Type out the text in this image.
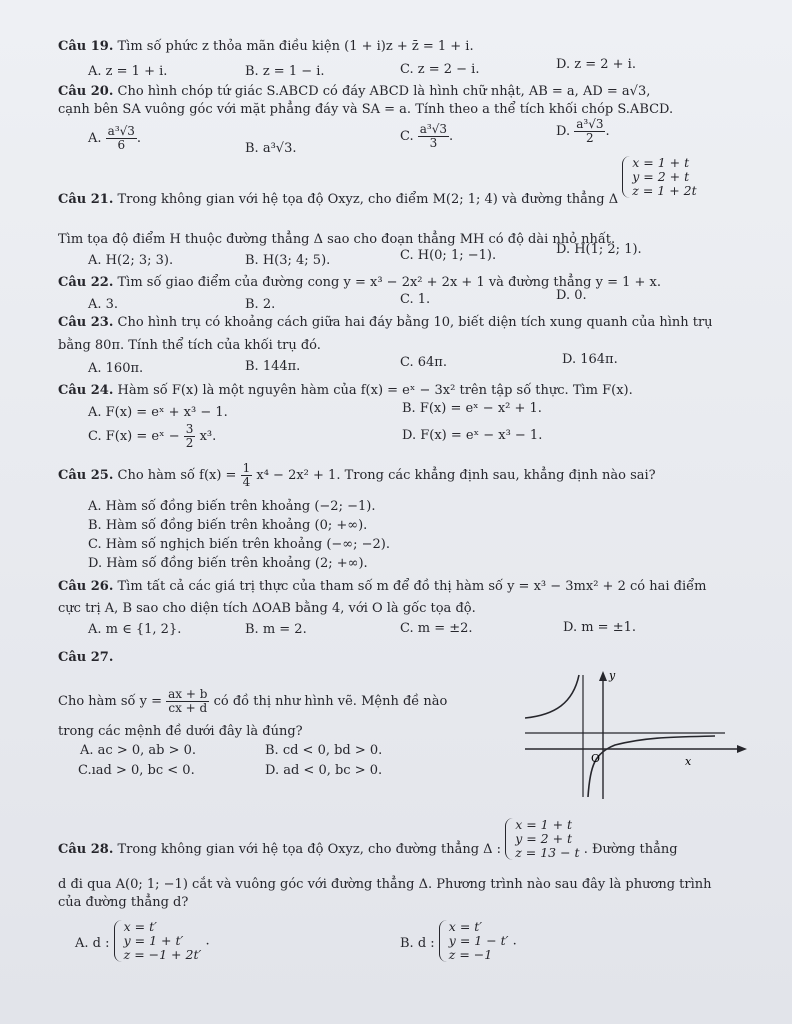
Câu 19. Tìm số phức z thỏa mãn điều kiện (1 + i)z + z̄ = 1 + i.
A. z = 1 + i.	B. z = 1 − i.	C. z = 2 − i.	D. z = 2 + i.
Câu 20. Cho hình chóp tứ giác S.ABCD có đáy ABCD là hình chữ nhật, AB = a, AD = a√3,
cạnh bên SA vuông góc với mặt phẳng đáy và SA = a. Tính theo a thể tích khối chóp S.ABCD.
A. $\frac{\text{a³√3}}{6}$ .
B. a³√3.
C. $\frac{\text{a³√3}}{3}$ .	D. $\frac{\text{a³√3}}{2}$ .
Câu 21. Trong không gian với hệ tọa độ Oxyz, cho điểm M(2; 1; 4) và đường thẳng Δ
x = 1 + t
y = 2 + t
z = 1 + 2t
Tìm tọa độ điểm H thuộc đường thẳng Δ sao cho đoạn thẳng MH có độ dài nhỏ nhất.
A. H(2; 3; 3).	B. H(3; 4; 5).	C. H(0; 1; −1).	D. H(1; 2; 1).
Câu 22. Tìm số giao điểm của đường cong y = x³ − 2x² + 2x + 1 và đường thẳng y = 1 + x.
A. 3.	B. 2.	C. 1.	D. 0.
Câu 23. Cho hình trụ có khoảng cách giữa hai đáy bằng 10, biết diện tích xung quanh của hình trụ
bằng 80π. Tính thể tích của khối trụ đó.
A. 160π.	B. 144π.	C. 64π.	D. 164π.
Câu 24. Hàm số F(x) là một nguyên hàm của f(x) = eˣ − 3x² trên tập số thực. Tìm F(x).
A. F(x) = eˣ + x³ − 1.	B. F(x) = eˣ − x² + 1.
C. F(x) = eˣ − $\frac{3}{2} x^3$.	D. F(x) = eˣ − x³ − 1.
Câu 25. Cho hàm số $f(x) = \frac{1}{4} x^4 - 2x^2 + 1$. Trong các khẳng định sau, khẳng định nào sai?
A. Hàm số đồng biến trên khoảng (−2; −1).
B. Hàm số đồng biến trên khoảng (0; +∞).
C. Hàm số nghịch biến trên khoảng (−∞; −2).
D. Hàm số đồng biến trên khoảng (2; +∞).
Câu 26. Tìm tất cả các giá trị thực của tham số m để đồ thị hàm số y = x³ − 3mx² + 2 có hai điểm
cực trị A, B sao cho diện tích ΔOAB bằng 4, với O là gốc tọa độ.
A. m ∈ {1, 2}.	B. m = 2.	C. m = ±2.	D. m = ±1.
Câu 27.
Cho hàm số $y = \frac{ax + b}{cx + d}$ có đồ thị như hình vẽ. Mệnh đề nào
trong các mệnh đề dưới đây là đúng?
A. ac > 0, ab > 0.	B. cd < 0, bd > 0.
C.ıad > 0, bc < 0.	D. ad < 0, bc > 0.
y
x
O
Câu 28. Trong không gian với hệ tọa độ Oxyz, cho đường thẳng Δ :
x = 1 + t
y = 2 + t
z = 13 − t . Đường thẳng
d đi qua A(0; 1; −1) cắt và vuông góc với đường thẳng Δ. Phương trình nào sau đây là phương trình
của đường thẳng d?
A. d :
x = t′
y = 1 + t′
z = −1 + 2t′
.	B. d :
x = t′
y = 1 − t′
z = −1
.
